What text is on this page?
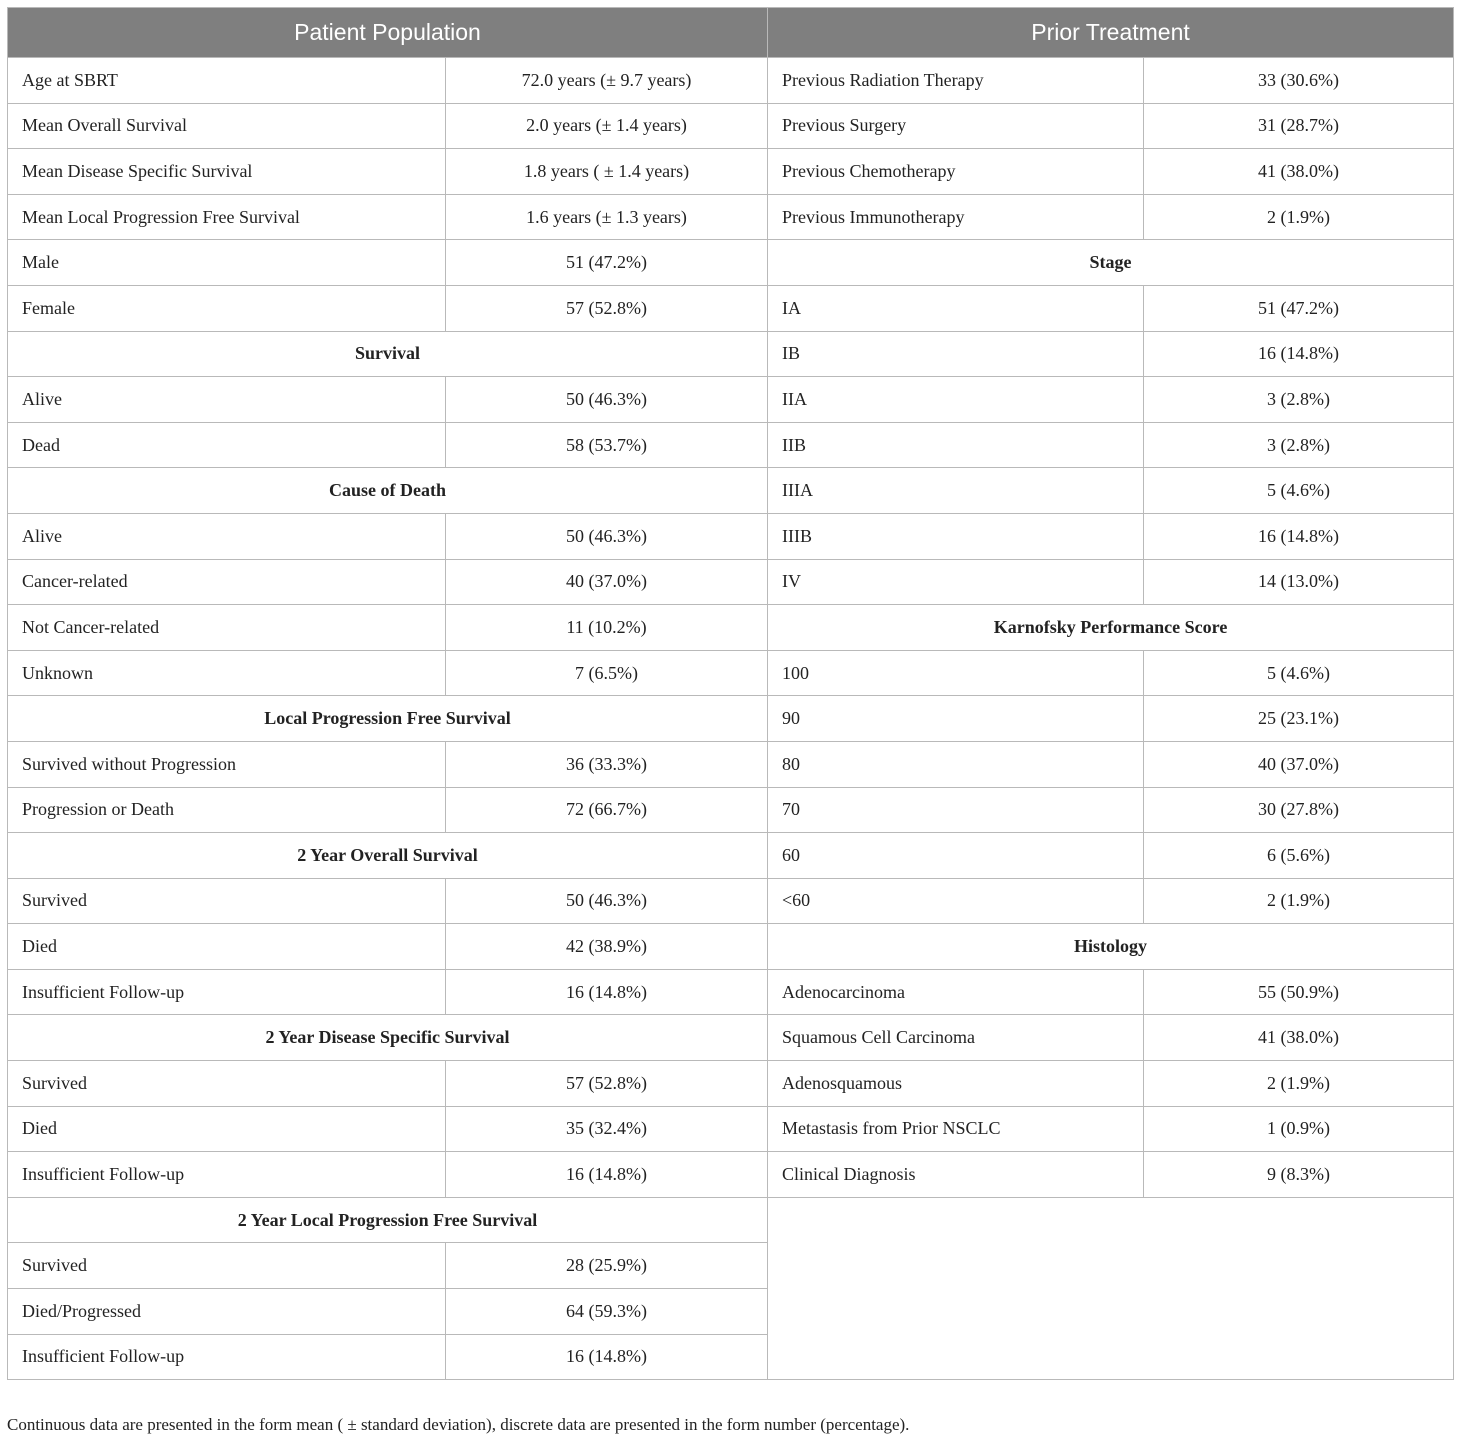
Patient Population		Prior Treatment	
Age at SBRT	72.0 years (± 9.7 years)	Previous Radiation Therapy	33 (30.6%)
Mean Overall Survival	2.0 years (± 1.4 years)	Previous Surgery	31 (28.7%)
Mean Disease Specific Survival	1.8 years ( ± 1.4 years)	Previous Chemotherapy	41 (38.0%)
Mean Local Progression Free Survival	1.6 years (± 1.3 years)	Previous Immunotherapy	2 (1.9%)
Male	51 (47.2%)	Stage	
Female	57 (52.8%)	IA	51 (47.2%)
Survival		IB	16 (14.8%)
Alive	50 (46.3%)	IIA	3 (2.8%)
Dead	58 (53.7%)	IIB	3 (2.8%)
Cause of Death		IIIA	5 (4.6%)
Alive	50 (46.3%)	IIIB	16 (14.8%)
Cancer-related	40 (37.0%)	IV	14 (13.0%)
Not Cancer-related	11 (10.2%)	Karnofsky Performance Score	
Unknown	7 (6.5%)	100	5 (4.6%)
Local Progression Free Survival		90	25 (23.1%)
Survived without Progression	36 (33.3%)	80	40 (37.0%)
Progression or Death	72 (66.7%)	70	30 (27.8%)
2 Year Overall Survival		60	6 (5.6%)
Survived	50 (46.3%)	<60	2 (1.9%)
Died	42 (38.9%)	Histology	
Insufficient Follow-up	16 (14.8%)	Adenocarcinoma	55 (50.9%)
2 Year Disease Specific Survival		Squamous Cell Carcinoma	41 (38.0%)
Survived	57 (52.8%)	Adenosquamous	2 (1.9%)
Died	35 (32.4%)	Metastasis from Prior NSCLC	1 (0.9%)
Insufficient Follow-up	16 (14.8%)	Clinical Diagnosis	9 (8.3%)
2 Year Local Progression Free Survival			
Survived	28 (25.9%)		
Died/Progressed	64 (59.3%)		
Insufficient Follow-up	16 (14.8%)		
Continuous data are presented in the form mean ( ± standard deviation), discrete data are presented in the form number (percentage).
